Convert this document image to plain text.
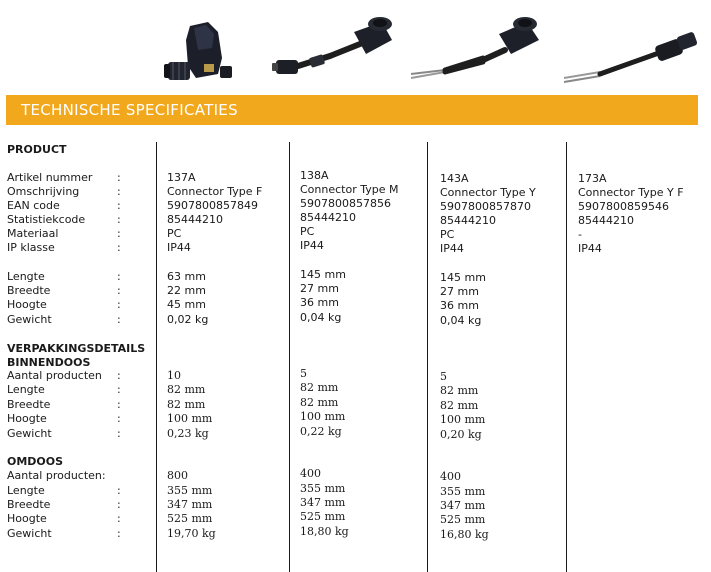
TECHNISCHE SPECIFICATIES
PRODUCT
VERPAKKINGSDETAILS
BINNENDOOS
OMDOOS
Artikel nummer :	137A	138A	143A	173A
Omschrijving	:	Connector Type F	Connector Type M	Connector Type Y	Connector Type Y F
EAN code	:	5907800857849	5907800857856	5907800857870	5907800859546
Statistiekcode	:	85444210	85444210	85444210	85444210
Materiaal	:	PC	PC	PC	-
IP klasse	:	IP44	IP44	IP44	IP44
Lengte	:	63 mm	145 mm	145 mm
Breedte	:	22 mm	27 mm	27 mm
Hoogte	:	45 mm	36 mm	36 mm
Gewicht	:	0,02 kg	0,04 kg	0,04 kg
Aantal producten :	10	5	5
Lengte	:	82 mm	82 mm	82 mm
Breedte	:	82 mm	82 mm	82 mm
Hoogte	:	100 mm	100 mm	100 mm
Gewicht	:	0,23 kg	0,22 kg	0,20 kg
Aantal producten:	800	400	400
Lengte	:	355 mm	355 mm	355 mm
Breedte	:	347 mm	347 mm	347 mm
Hoogte	:	525 mm	525 mm	525 mm
Gewicht	:	19,70 kg	18,80 kg	16,80 kg
